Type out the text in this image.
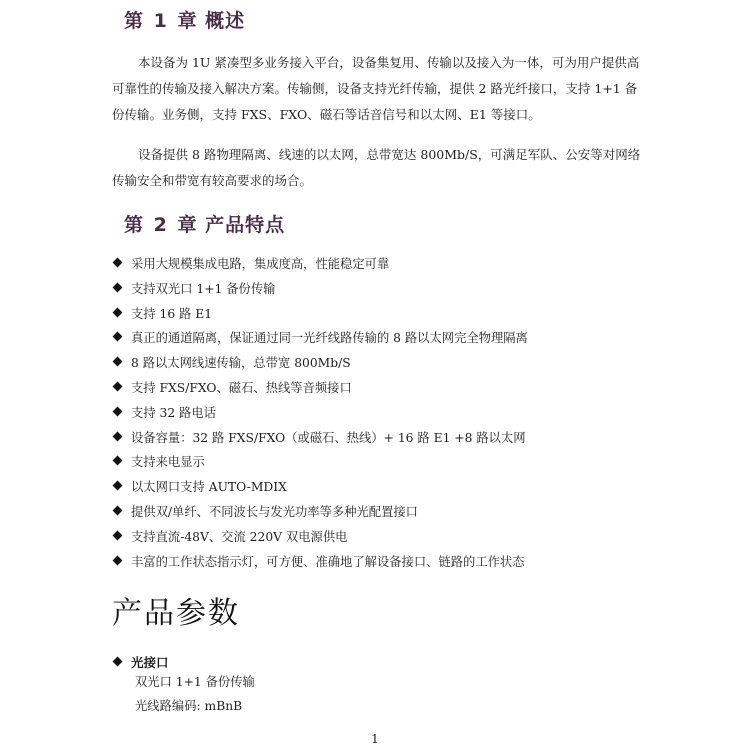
第 1 章 概述

本设备为 1U 紧凑型多业务接入平台，设备集复用、传输以及接入为一体，可为用户提供高可靠性的传输及接入解决方案。传输侧，设备支持光纤传输，提供 2 路光纤接口，支持 1+1 备份传输。业务侧，支持 FXS、FXO、磁石等话音信号和以太网、E1 等接口。

设备提供 8 路物理隔离、线速的以太网，总带宽达 800Mb/S，可满足军队、公安等对网络传输安全和带宽有较高要求的场合。

第 2 章 产品特点
采用大规模集成电路，集成度高，性能稳定可靠
支持双光口 1+1 备份传输
支持 16 路 E1
真正的通道隔离，保证通过同一光纤线路传输的 8 路以太网完全物理隔离
8 路以太网线速传输，总带宽 800Mb/S
支持 FXS/FXO、磁石、热线等音频接口
支持 32 路电话
设备容量：32 路 FXS/FXO（或磁石、热线）+ 16 路 E1 +8 路以太网
支持来电显示
以太网口支持 AUTO-MDIX
提供双/单纤、不同波长与发光功率等多种光配置接口
支持直流-48V、交流 220V 双电源供电
丰富的工作状态指示灯，可方便、准确地了解设备接口、链路的工作状态
产品参数
光接口
双光口 1+1 备份传输
光线路编码: mBnB
1
